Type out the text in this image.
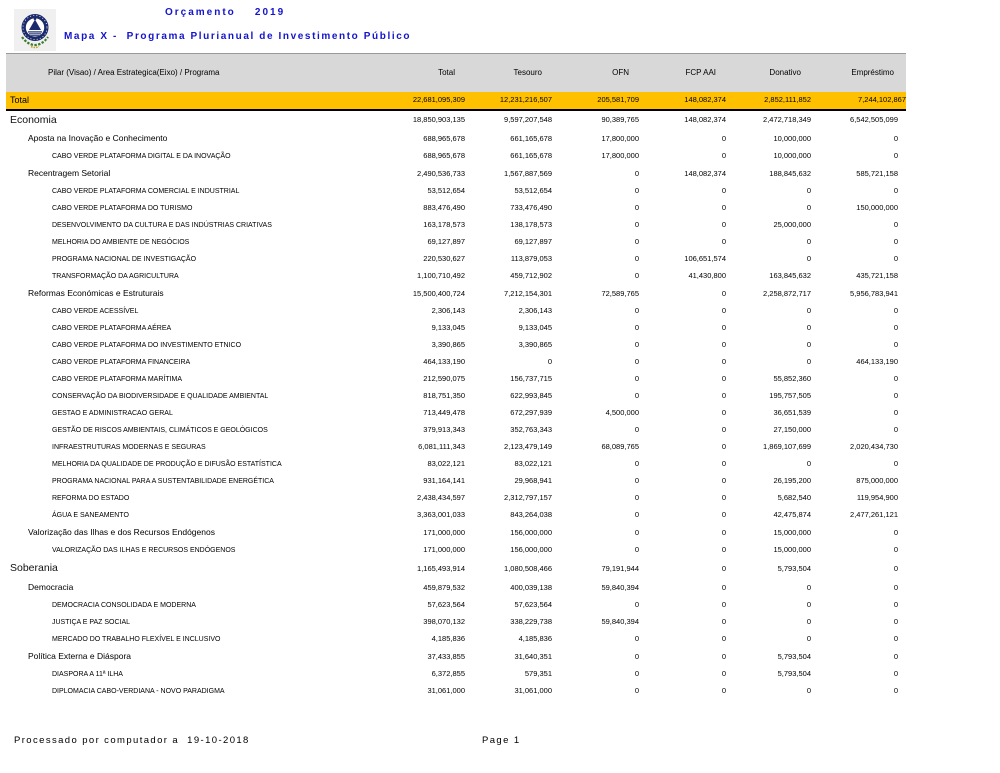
Orçamento    2019
Mapa X -  Programa Plurianual de Investimento Público
Pilar (Visao) / Area Estrategica(Eixo) / Programa	Total	Tesouro	OFN	FCP AAI	Donativo	Empréstimo
Total	22,681,095,309	12,231,216,507	205,581,709	148,082,374	2,852,111,852	7,244,102,867
Economia	18,850,903,135	9,597,207,548	90,389,765	148,082,374	2,472,718,349	6,542,505,099
Aposta na Inovação e Conhecimento	688,965,678	661,165,678	17,800,000	0	10,000,000	0
CABO VERDE PLATAFORMA DIGITAL E DA INOVAÇÃO	688,965,678	661,165,678	17,800,000	0	10,000,000	0
Recentragem Setorial	2,490,536,733	1,567,887,569	0	148,082,374	188,845,632	585,721,158
CABO VERDE PLATAFORMA COMERCIAL E INDUSTRIAL	53,512,654	53,512,654	0	0	0	0
CABO VERDE PLATAFORMA DO TURISMO	883,476,490	733,476,490	0	0	0	150,000,000
DESENVOLVIMENTO DA CULTURA E DAS INDÚSTRIAS CRIATIVAS	163,178,573	138,178,573	0	0	25,000,000	0
MELHORIA DO AMBIENTE DE NEGÓCIOS	69,127,897	69,127,897	0	0	0	0
PROGRAMA NACIONAL DE INVESTIGAÇÃO	220,530,627	113,879,053	0	106,651,574	0	0
TRANSFORMAÇÃO DA AGRICULTURA	1,100,710,492	459,712,902	0	41,430,800	163,845,632	435,721,158
Reformas Económicas e Estruturais	15,500,400,724	7,212,154,301	72,589,765	0	2,258,872,717	5,956,783,941
CABO VERDE ACESSÍVEL	2,306,143	2,306,143	0	0	0	0
CABO VERDE PLATAFORMA AÉREA	9,133,045	9,133,045	0	0	0	0
CABO VERDE PLATAFORMA DO INVESTIMENTO ETNICO	3,390,865	3,390,865	0	0	0	0
CABO VERDE PLATAFORMA FINANCEIRA	464,133,190	0	0	0	0	464,133,190
CABO VERDE PLATAFORMA MARÍTIMA	212,590,075	156,737,715	0	0	55,852,360	0
CONSERVAÇÃO DA BIODIVERSIDADE E QUALIDADE AMBIENTAL	818,751,350	622,993,845	0	0	195,757,505	0
GESTAO E ADMINISTRACAO GERAL	713,449,478	672,297,939	4,500,000	0	36,651,539	0
GESTÃO DE RISCOS AMBIENTAIS, CLIMÁTICOS E GEOLÓGICOS	379,913,343	352,763,343	0	0	27,150,000	0
INFRAESTRUTURAS MODERNAS E SEGURAS	6,081,111,343	2,123,479,149	68,089,765	0	1,869,107,699	2,020,434,730
MELHORIA DA QUALIDADE DE PRODUÇÃO E DIFUSÃO ESTATÍSTICA	83,022,121	83,022,121	0	0	0	0
PROGRAMA NACIONAL PARA A SUSTENTABILIDADE ENERGÉTICA	931,164,141	29,968,941	0	0	26,195,200	875,000,000
REFORMA DO ESTADO	2,438,434,597	2,312,797,157	0	0	5,682,540	119,954,900
ÁGUA E SANEAMENTO	3,363,001,033	843,264,038	0	0	42,475,874	2,477,261,121
Valorização das Ilhas e dos Recursos Endógenos	171,000,000	156,000,000	0	0	15,000,000	0
VALORIZAÇÃO DAS ILHAS E RECURSOS ENDÓGENOS	171,000,000	156,000,000	0	0	15,000,000	0
Soberania	1,165,493,914	1,080,508,466	79,191,944	0	5,793,504	0
Democracia	459,879,532	400,039,138	59,840,394	0	0	0
DEMOCRACIA CONSOLIDADA E MODERNA	57,623,564	57,623,564	0	0	0	0
JUSTIÇA E PAZ SOCIAL	398,070,132	338,229,738	59,840,394	0	0	0
MERCADO DO TRABALHO FLEXÍVEL E INCLUSIVO	4,185,836	4,185,836	0	0	0	0
Política Externa e Diáspora	37,433,855	31,640,351	0	0	5,793,504	0
DIASPORA A 11ª ILHA	6,372,855	579,351	0	0	5,793,504	0
DIPLOMACIA CABO-VERDIANA - NOVO PARADIGMA	31,061,000	31,061,000	0	0	0	0
Processado por computador a  19-10-2018	Page 1
